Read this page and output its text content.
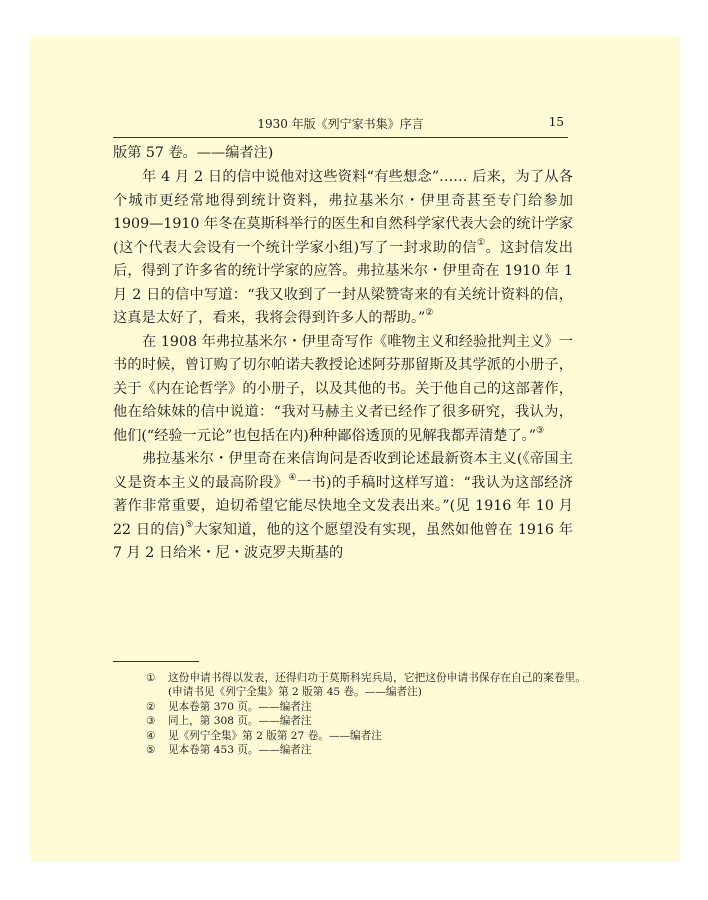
1930 年版《列宁家书集》序言	15

版第 57 卷。——编者注)

年 4 月 2 日的信中说他对这些资料“有些想念”…… 后来，为了从各个城市更经常地得到统计资料，弗拉基米尔・伊里奇甚至专门给参加 1909—1910 年冬在莫斯科举行的医生和自然科学家代表大会的统计学家(这个代表大会设有一个统计学家小组)写了一封求助的信①。这封信发出后，得到了许多省的统计学家的应答。弗拉基米尔・伊里奇在 1910 年 1 月 2 日的信中写道：“我又收到了一封从梁赞寄来的有关统计资料的信，这真是太好了，看来，我将会得到许多人的帮助。”②

在 1908 年弗拉基米尔・伊里奇写作《唯物主义和经验批判主义》一书的时候，曾订购了切尔帕诺夫教授论述阿芬那留斯及其学派的小册子，关于《内在论哲学》的小册子，以及其他的书。关于他自己的这部著作，他在给妹妹的信中说道：“我对马赫主义者已经作了很多研究，我认为，他们(“经验一元论”也包括在内)种种鄙俗透顶的见解我都弄清楚了。”③

弗拉基米尔・伊里奇在来信询问是否收到论述最新资本主义(《帝国主义是资本主义的最高阶段》④一书)的手稿时这样写道：“我认为这部经济著作非常重要，迫切希望它能尽快地全文发表出来。”(见 1916 年 10 月 22 日的信)⑤大家知道，他的这个愿望没有实现，虽然如他曾在 1916 年 7 月 2 日给米・尼・波克罗夫斯基的

①	这份申请书得以发表，还得归功于莫斯科宪兵局，它把这份申请书保存在自己的案卷里。(申请书见《列宁全集》第 2 版第 45 卷。——编者注)
②	见本卷第 370 页。——编者注
③	同上，第 308 页。——编者注
④	见《列宁全集》第 2 版第 27 卷。——编者注
⑤	见本卷第 453 页。——编者注
